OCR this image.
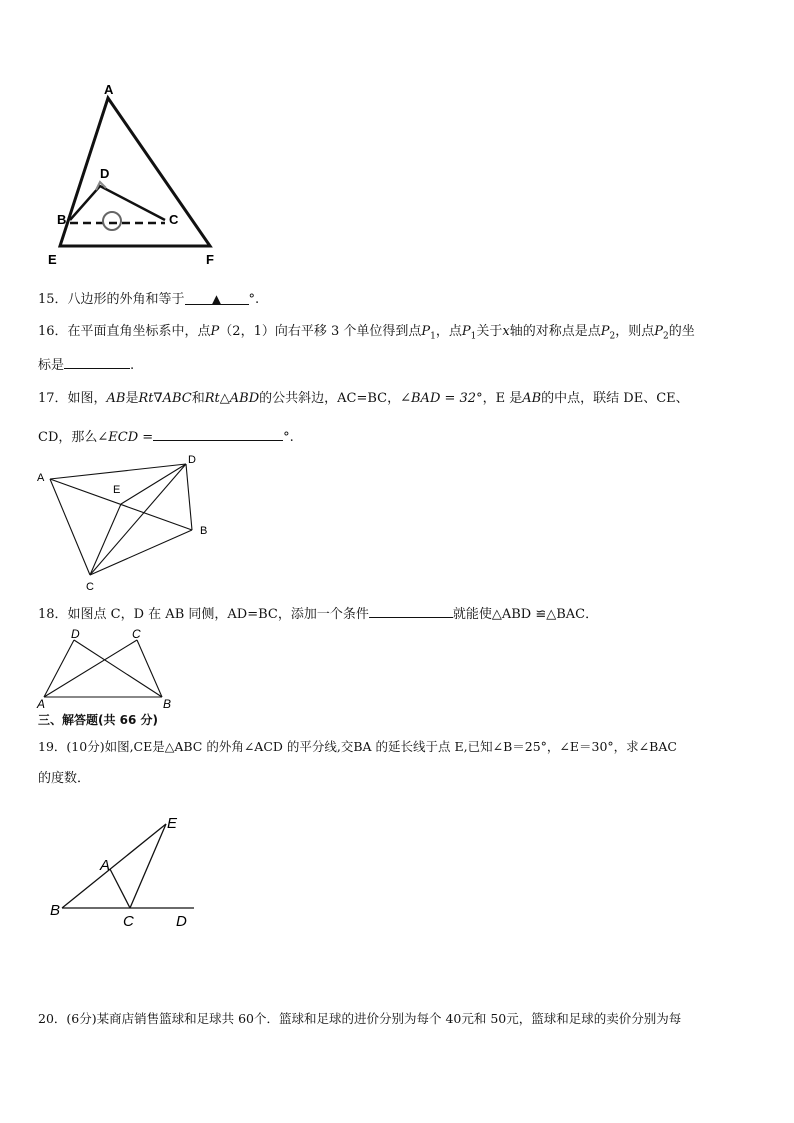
A
D
B	C
E	F
15．八边形的外角和等于 ▲ °.
16．在平面直角坐标系中，点P（2，1）向右平移 3 个单位得到点$P_1$，点$P_1$关于x轴的对称点是点$P_2$，则点$P_2$的坐
标是	.
17．如图，AB是Rt∇ABC和Rt△ABD的公共斜边，AC=BC，∠BAD = 32°，E 是AB的中点，联结 DE、CE、
CD，那么∠ECD =	°.
A
D
E
B
C
18．如图点 C，D 在 AB 同侧，AD=BC，添加一个条件	就能使△ABD ≌△BAC．
D	C
A	B
三、解答题(共 66 分)
19．(10分)如图,CE是△ABC 的外角∠ACD 的平分线,交BA 的延长线于点 E,已知∠B＝25°，∠E＝30°，求∠BAC
的度数．
E
A
B
C	D
20．(6分)某商店销售篮球和足球共 60个．篮球和足球的进价分别为每个 40元和 50元，篮球和足球的卖价分别为每
